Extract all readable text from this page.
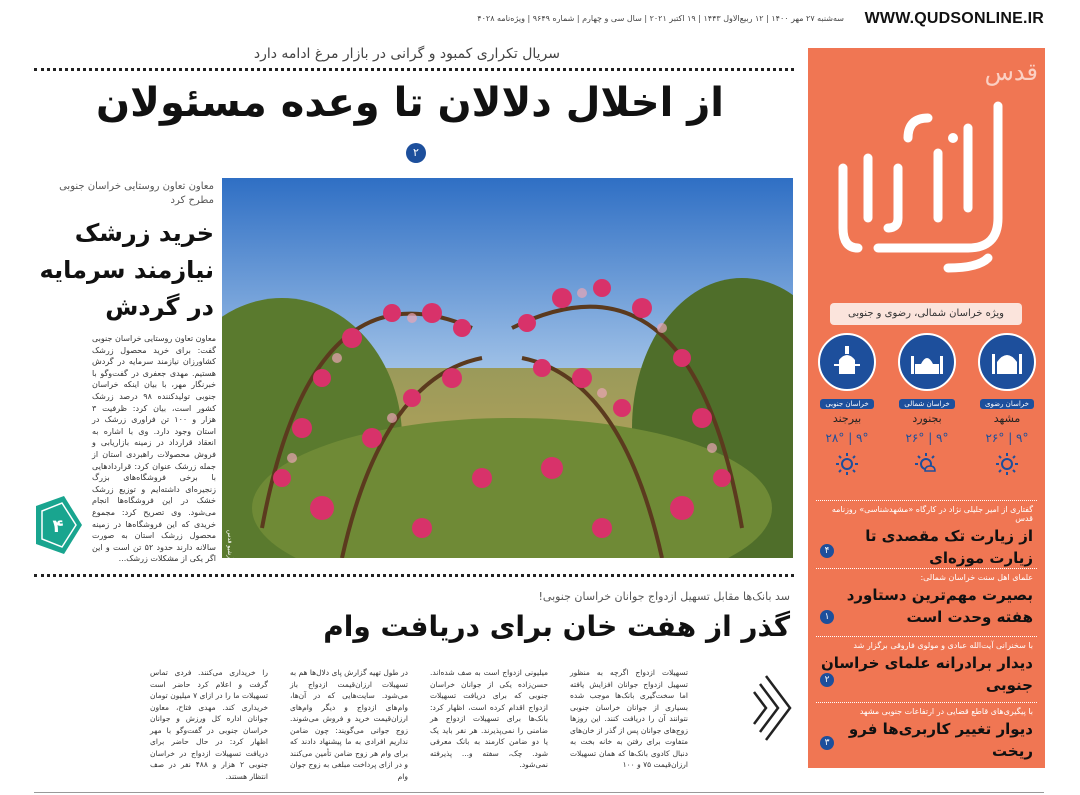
WWW.QUDSONLINE.IR
سه‌شنبه ۲۷ مهر ۱۴۰۰ | ۱۲ ربیع‌الاول ۱۴۴۳ | ۱۹ اکتبر ۲۰۲۱ | سال سی و چهارم | شماره ۹۶۴۹ | ویژه‌نامه ۴۰۲۸
قدس
ویژه خراسان شمالی، رضوی و جنوبی
خراسان رضوی
مشهد
۲۶° | ۹°
خراسان شمالی
بجنورد
۲۶° | ۹°
خراسان جنوبی
بیرجند
۲۸° | ۹°
گفتاری از امیر جلیلی نژاد در کارگاه «مشهدشناسی» روزنامه قدس
از زیارت تک مقصدی تا زیارت موزه‌ای
۴
علمای اهل سنت خراسان شمالی:
بصیرت مهم‌ترین دستاورد هفته وحدت است
۱
با سخنرانی آیت‌الله عبادی و مولوی فاروقی برگزار شد
دیدار برادرانه علمای خراسان جنوبی
۲
با پیگیری‌های قاطع قضایی در ارتفاعات جنوبی مشهد
دیوار تغییر کاربری‌ها فرو ریخت
۳
سریال تکراری کمبود و گرانی در بازار مرغ ادامه دارد
از اخلال دلالان تا وعده مسئولان
۲
عکس: آرشیو قدس
معاون تعاون روستایی خراسان جنوبی مطرح کرد
خرید زرشک نیازمند سرمایه در گردش
معاون تعاون روستایی خراسان جنوبی گفت: برای خرید محصول زرشک کشاورزان نیازمند سرمایه در گردش هستیم. مهدی جعفری در گفت‌وگو با خبرنگار مهر، با بیان اینکه خراسان جنوبی تولیدکننده ۹۸ درصد زرشک کشور است، بیان کرد: ظرفیت ۳ هزار و ۱۰۰ تن فراوری زرشک در استان وجود دارد. وی با اشاره به انعقاد قرارداد در زمینه بازاریابی و فروش محصولات راهبردی استان از جمله زرشک عنوان کرد: قراردادهایی با برخی فروشگاه‌های بزرگ زنجیره‌ای داشته‌ایم و توزیع زرشک خشک در این فروشگاه‌ها انجام می‌شود. وی تصریح کرد: مجموع خریدی که این فروشگاه‌ها در زمینه محصول زرشک استان به صورت سالانه دارند حدود ۵۲ تن است و این اگر یکی از مشکلات زرشک...
۴
سد بانک‌ها مقابل تسهیل ازدواج جوانان خراسان جنوبی!
گذر از هفت خان برای دریافت وام
تسهیلات ازدواج اگرچه به منظور تسهیل ازدواج جوانان افزایش یافته اما سخت‌گیری بانک‌ها موجب شده بسیاری از جوانان خراسان جنوبی نتوانند آن را دریافت کنند. این روزها زوج‌های جوانان پس از گذر از خان‌های متفاوت برای رفتن به خانه بخت به دنبال کادوی بانک‌ها که همان تسهیلات ارزان‌قیمت ۷۵ و ۱۰۰
میلیونی ازدواج است به صف شده‌اند. حسن‌زاده یکی از جوانان خراسان جنوبی که برای دریافت تسهیلات ازدواج اقدام کرده است، اظهار کرد: بانک‌ها برای تسهیلات ازدواج هر ضامنی را نمی‌پذیرند. هر نفر باید یک یا دو ضامن کارمند به بانک معرفی شود. چک، سفته و... پذیرفته نمی‌شود.
در طول تهیه گزارش پای دلال‌ها هم به تسهیلات ارزان‌قیمت ازدواج باز می‌شود. سایت‌هایی که در آن‌ها، وام‌های ازدواج و دیگر وام‌های ارزان‌قیمت خرید و فروش می‌شوند. زوج جوانی می‌گویند: چون ضامن نداریم افرادی به ما پیشنهاد دادند که برای وام هر زوج ضامن تأمین می‌کنند و در ازای پرداخت مبلغی به زوج جوان وام
را خریداری می‌کنند. فردی تماس گرفت و اعلام کرد حاضر است تسهیلات ما را در ازای ۷ میلیون تومان خریداری کند. مهدی فتاح، معاون جوانان اداره کل ورزش و جوانان خراسان جنوبی در گفت‌وگو با مهر اظهار کرد: در حال حاضر برای دریافت تسهیلات ازدواج در خراسان جنوبی ۲ هزار و ۴۸۸ نفر در صف انتظار هستند.
